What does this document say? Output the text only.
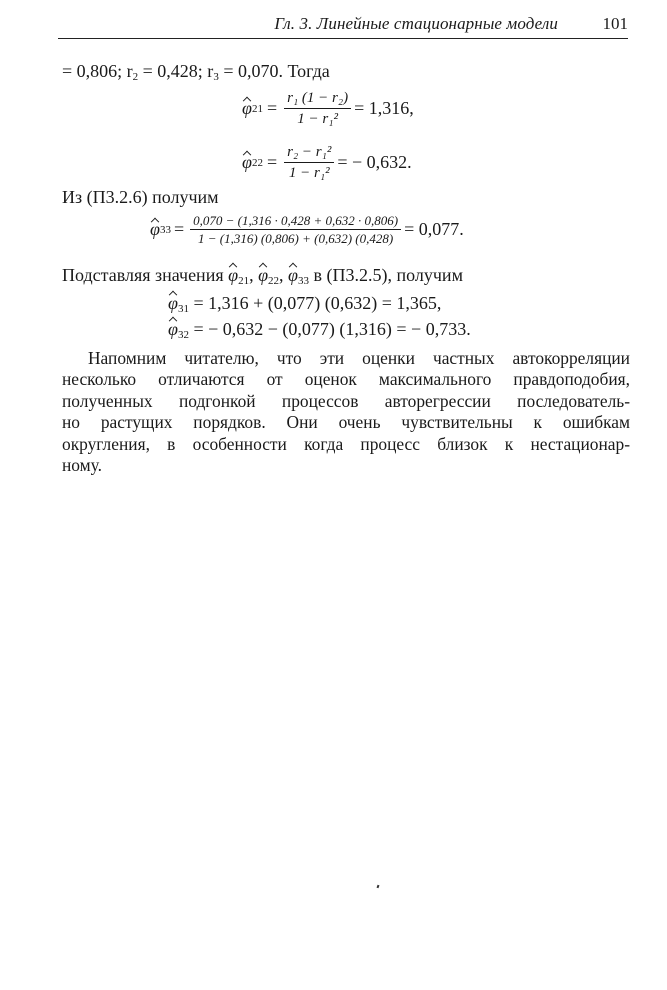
Гл. 3. Линейные стационарные модели	101
= 0,806; $r_2 = 0,428$; $r_3 = 0,070$. Тогда
φ $21 = \frac{\text{r₁ (1 − r₂)}}{\text{1 − r₁²}} = 1,316$,
φ $22 = \frac{\text{r₂ − r₁²}}{\text{1 − r₁²}}$ = − 0,632.
Из (П3.2.6) получим
φ $33 = \frac{0,070 - (1,316 \cdot 0,428 + 0,632 \cdot 0,806)}{1 - (1,316) (0,806) + (0,632) (0,428)} = 0,077$.
Подставляя значения $\varphi_{21}$, $\varphi_{22}$, $\varphi_{33}$ в (П3.2.5), получим
$\varphi_{31} = 1,316 + (0,077) (0,632) = 1,365$,
$\varphi_{32}$ = − 0,632 − (0,077) (1,316) = − 0,733.
Напомним читателю, что эти оценки частных автокорреляции
несколько отличаются от оценок максимального правдоподобия,
полученных подгонкой процессов авторегрессии последователь-
но растущих порядков. Они очень чувствительны к ошибкам
округления, в особенности когда процесс близок к нестационар-
ному.
